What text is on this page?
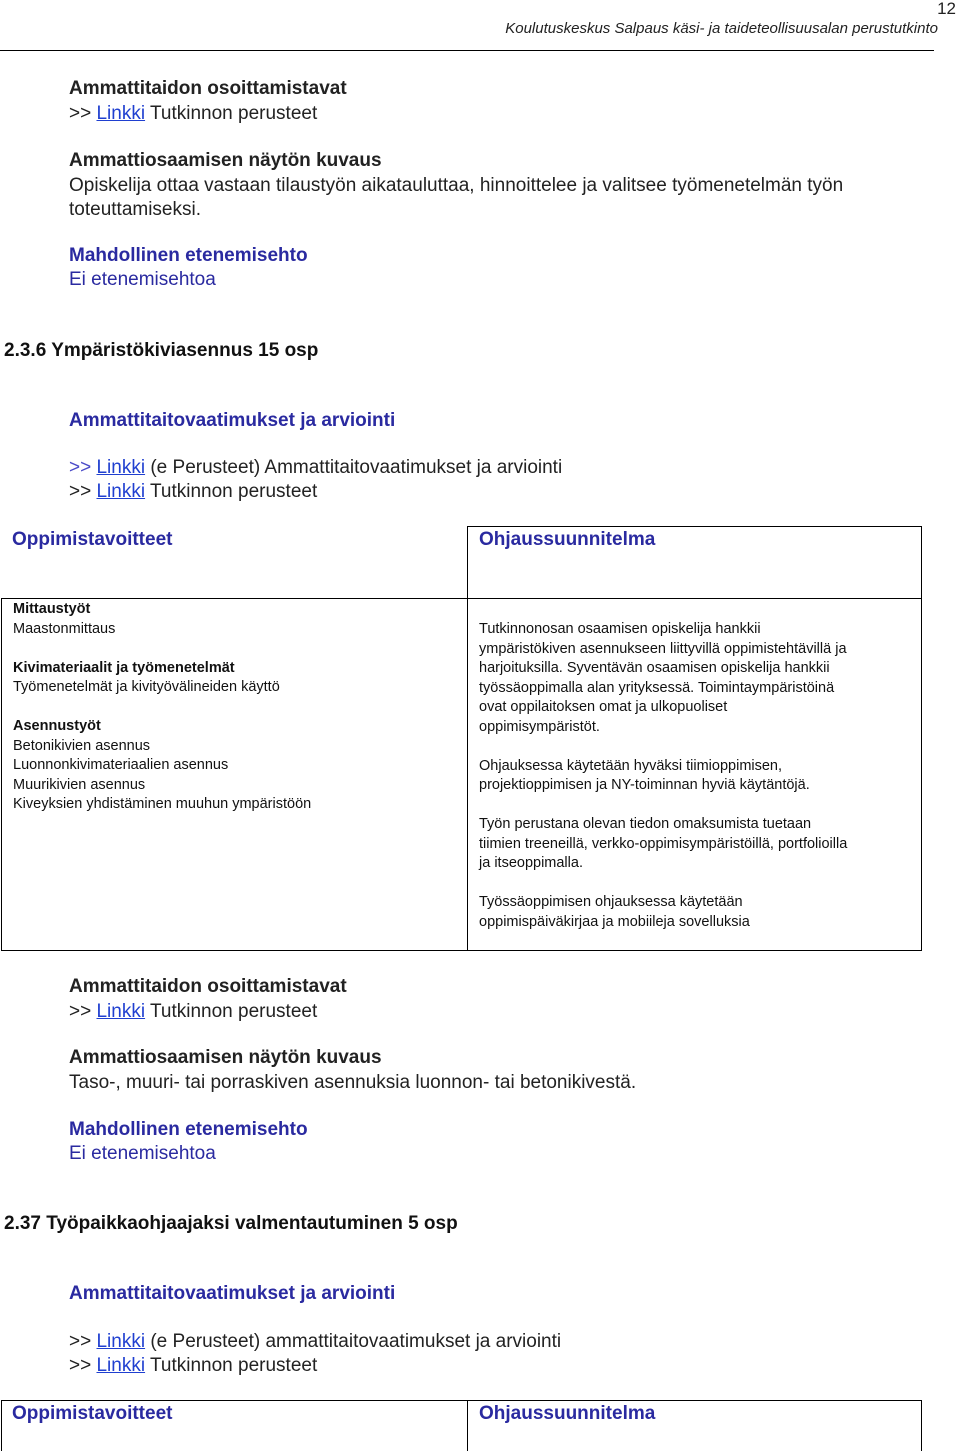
12
Koulutuskeskus Salpaus käsi- ja taideteollisuusalan perustutkinto
Ammattitaidon osoittamistavat
>> Linkki Tutkinnon perusteet
Ammattiosaamisen näytön kuvaus
Opiskelija ottaa vastaan tilaustyön aikatauluttaa, hinnoittelee ja valitsee työmenetelmän työn
toteuttamiseksi.
Mahdollinen etenemisehto
Ei etenemisehtoa
2.3.6 Ympäristökiviasennus 15 osp
Ammattitaitovaatimukset ja arviointi
>> Linkki (e Perusteet) Ammattitaitovaatimukset ja arviointi
>> Linkki Tutkinnon perusteet
Oppimistavoitteet	Ohjaussuunnitelma

Mittaustyöt

Maastonmittaus

Kivimateriaalit ja työmenetelmät

Työmenetelmät ja kivityövälineiden käyttö

Asennustyöt

Betonikivien asennus

Luonnonkivimateriaalien asennus

Muurikivien asennus

Kiveyksien yhdistäminen muuhun ympäristöön

Tutkinnonosan osaamisen opiskelija hankkii

ympäristökiven asennukseen liittyvillä oppimistehtävillä ja

harjoituksilla. Syventävän osaamisen opiskelija hankkii

työssäoppimalla alan yrityksessä. Toimintaympäristöinä

ovat oppilaitoksen omat ja ulkopuoliset

oppimisympäristöt.

Ohjauksessa käytetään hyväksi tiimioppimisen,

projektioppimisen ja NY-toiminnan hyviä käytäntöjä.

Työn perustana olevan tiedon omaksumista tuetaan

tiimien treeneillä, verkko-oppimisympäristöillä, portfolioilla

ja itseoppimalla.

Työssäoppimisen ohjauksessa käytetään

oppimispäiväkirjaa ja mobiileja sovelluksia

Ammattitaidon osoittamistavat
>> Linkki Tutkinnon perusteet
Ammattiosaamisen näytön kuvaus
Taso-, muuri- tai porraskiven asennuksia luonnon- tai betonikivestä.
Mahdollinen etenemisehto
Ei etenemisehtoa
2.37 Työpaikkaohjaajaksi valmentautuminen 5 osp
Ammattitaitovaatimukset ja arviointi
>> Linkki (e Perusteet) ammattitaitovaatimukset ja arviointi
>> Linkki Tutkinnon perusteet
Oppimistavoitteet	Ohjaussuunnitelma
